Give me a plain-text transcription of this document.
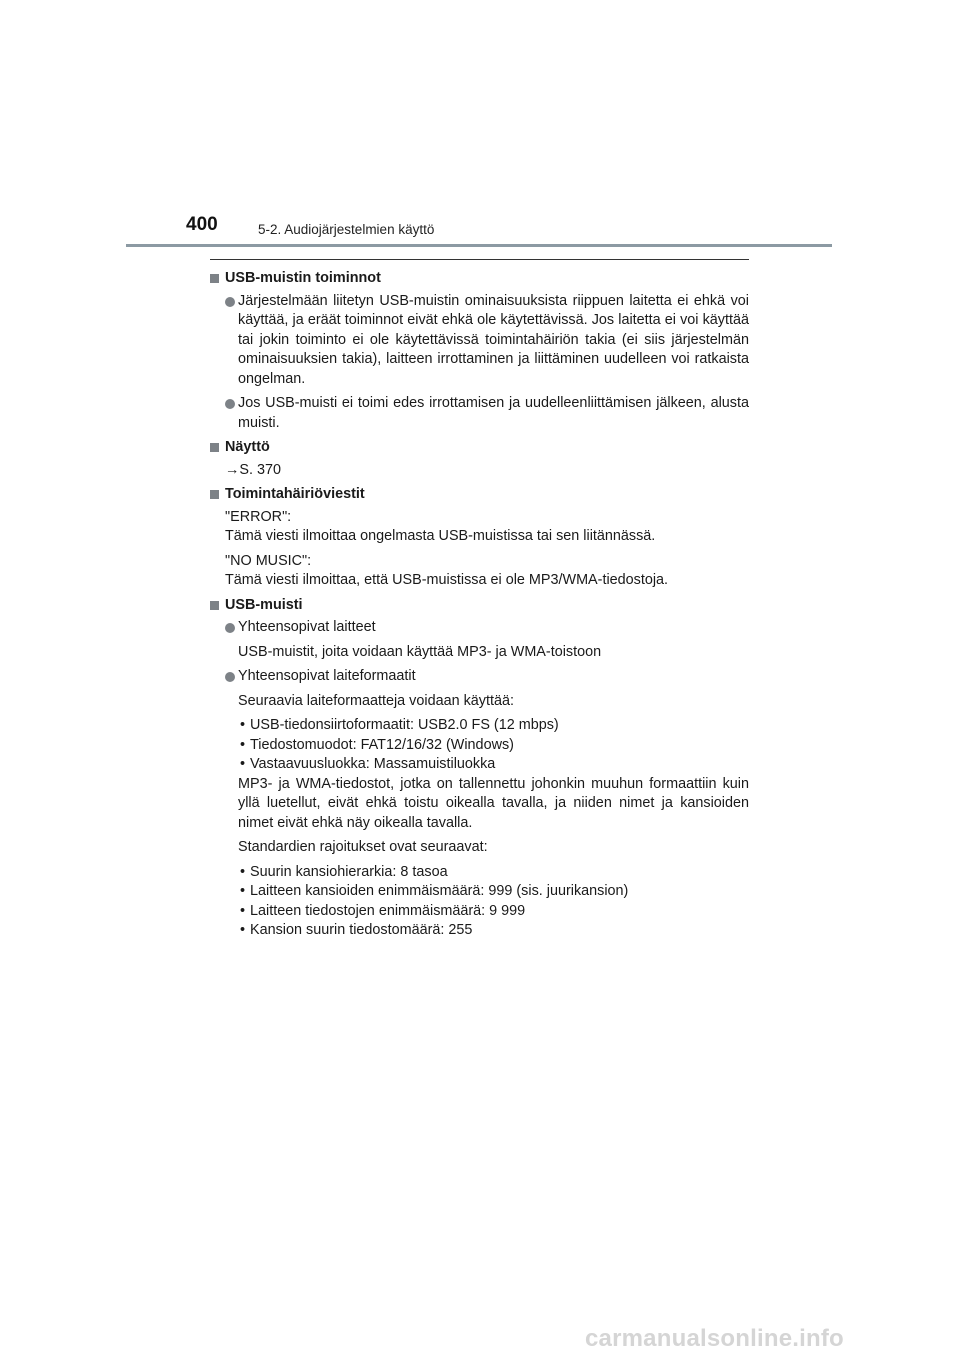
400	5-2. Audiojärjestelmien käyttö
USB-muistin toiminnot
Järjestelmään liitetyn USB-muistin ominaisuuksista riippuen laitetta ei ehkä voi käyttää, ja eräät toiminnot eivät ehkä ole käytettävissä. Jos laitetta ei voi käyttää tai jokin toiminto ei ole käytettävissä toimintahäiriön takia (ei siis järjestelmän ominaisuuksien takia), laitteen irrottaminen ja liittäminen uudelleen voi ratkaista ongelman.
Jos USB-muisti ei toimi edes irrottamisen ja uudelleenliittämisen jälkeen, alusta muisti.
Näyttö
→S. 370
Toimintahäiriöviestit

"ERROR":

Tämä viesti ilmoittaa ongelmasta USB-muistissa tai sen liitännässä.

"NO MUSIC":

Tämä viesti ilmoittaa, että USB-muistissa ei ole MP3/WMA-tiedostoja.

USB-muisti
Yhteensopivat laitteet
USB-muistit, joita voidaan käyttää MP3- ja WMA-toistoon
Yhteensopivat laiteformaatit
Seuraavia laiteformaatteja voidaan käyttää:
• USB-tiedonsiirtoformaatit: USB2.0 FS (12 mbps)
• Tiedostomuodot: FAT12/16/32 (Windows)
• Vastaavuusluokka: Massamuistiluokka
MP3- ja WMA-tiedostot, jotka on tallennettu johonkin muuhun formaattiin kuin yllä luetellut, eivät ehkä toistu oikealla tavalla, ja niiden nimet ja kansioiden nimet eivät ehkä näy oikealla tavalla.
Standardien rajoitukset ovat seuraavat:
• Suurin kansiohierarkia: 8 tasoa
• Laitteen kansioiden enimmäismäärä: 999 (sis. juurikansion)
• Laitteen tiedostojen enimmäismäärä: 9 999
• Kansion suurin tiedostomäärä: 255
carmanualsonline.info
